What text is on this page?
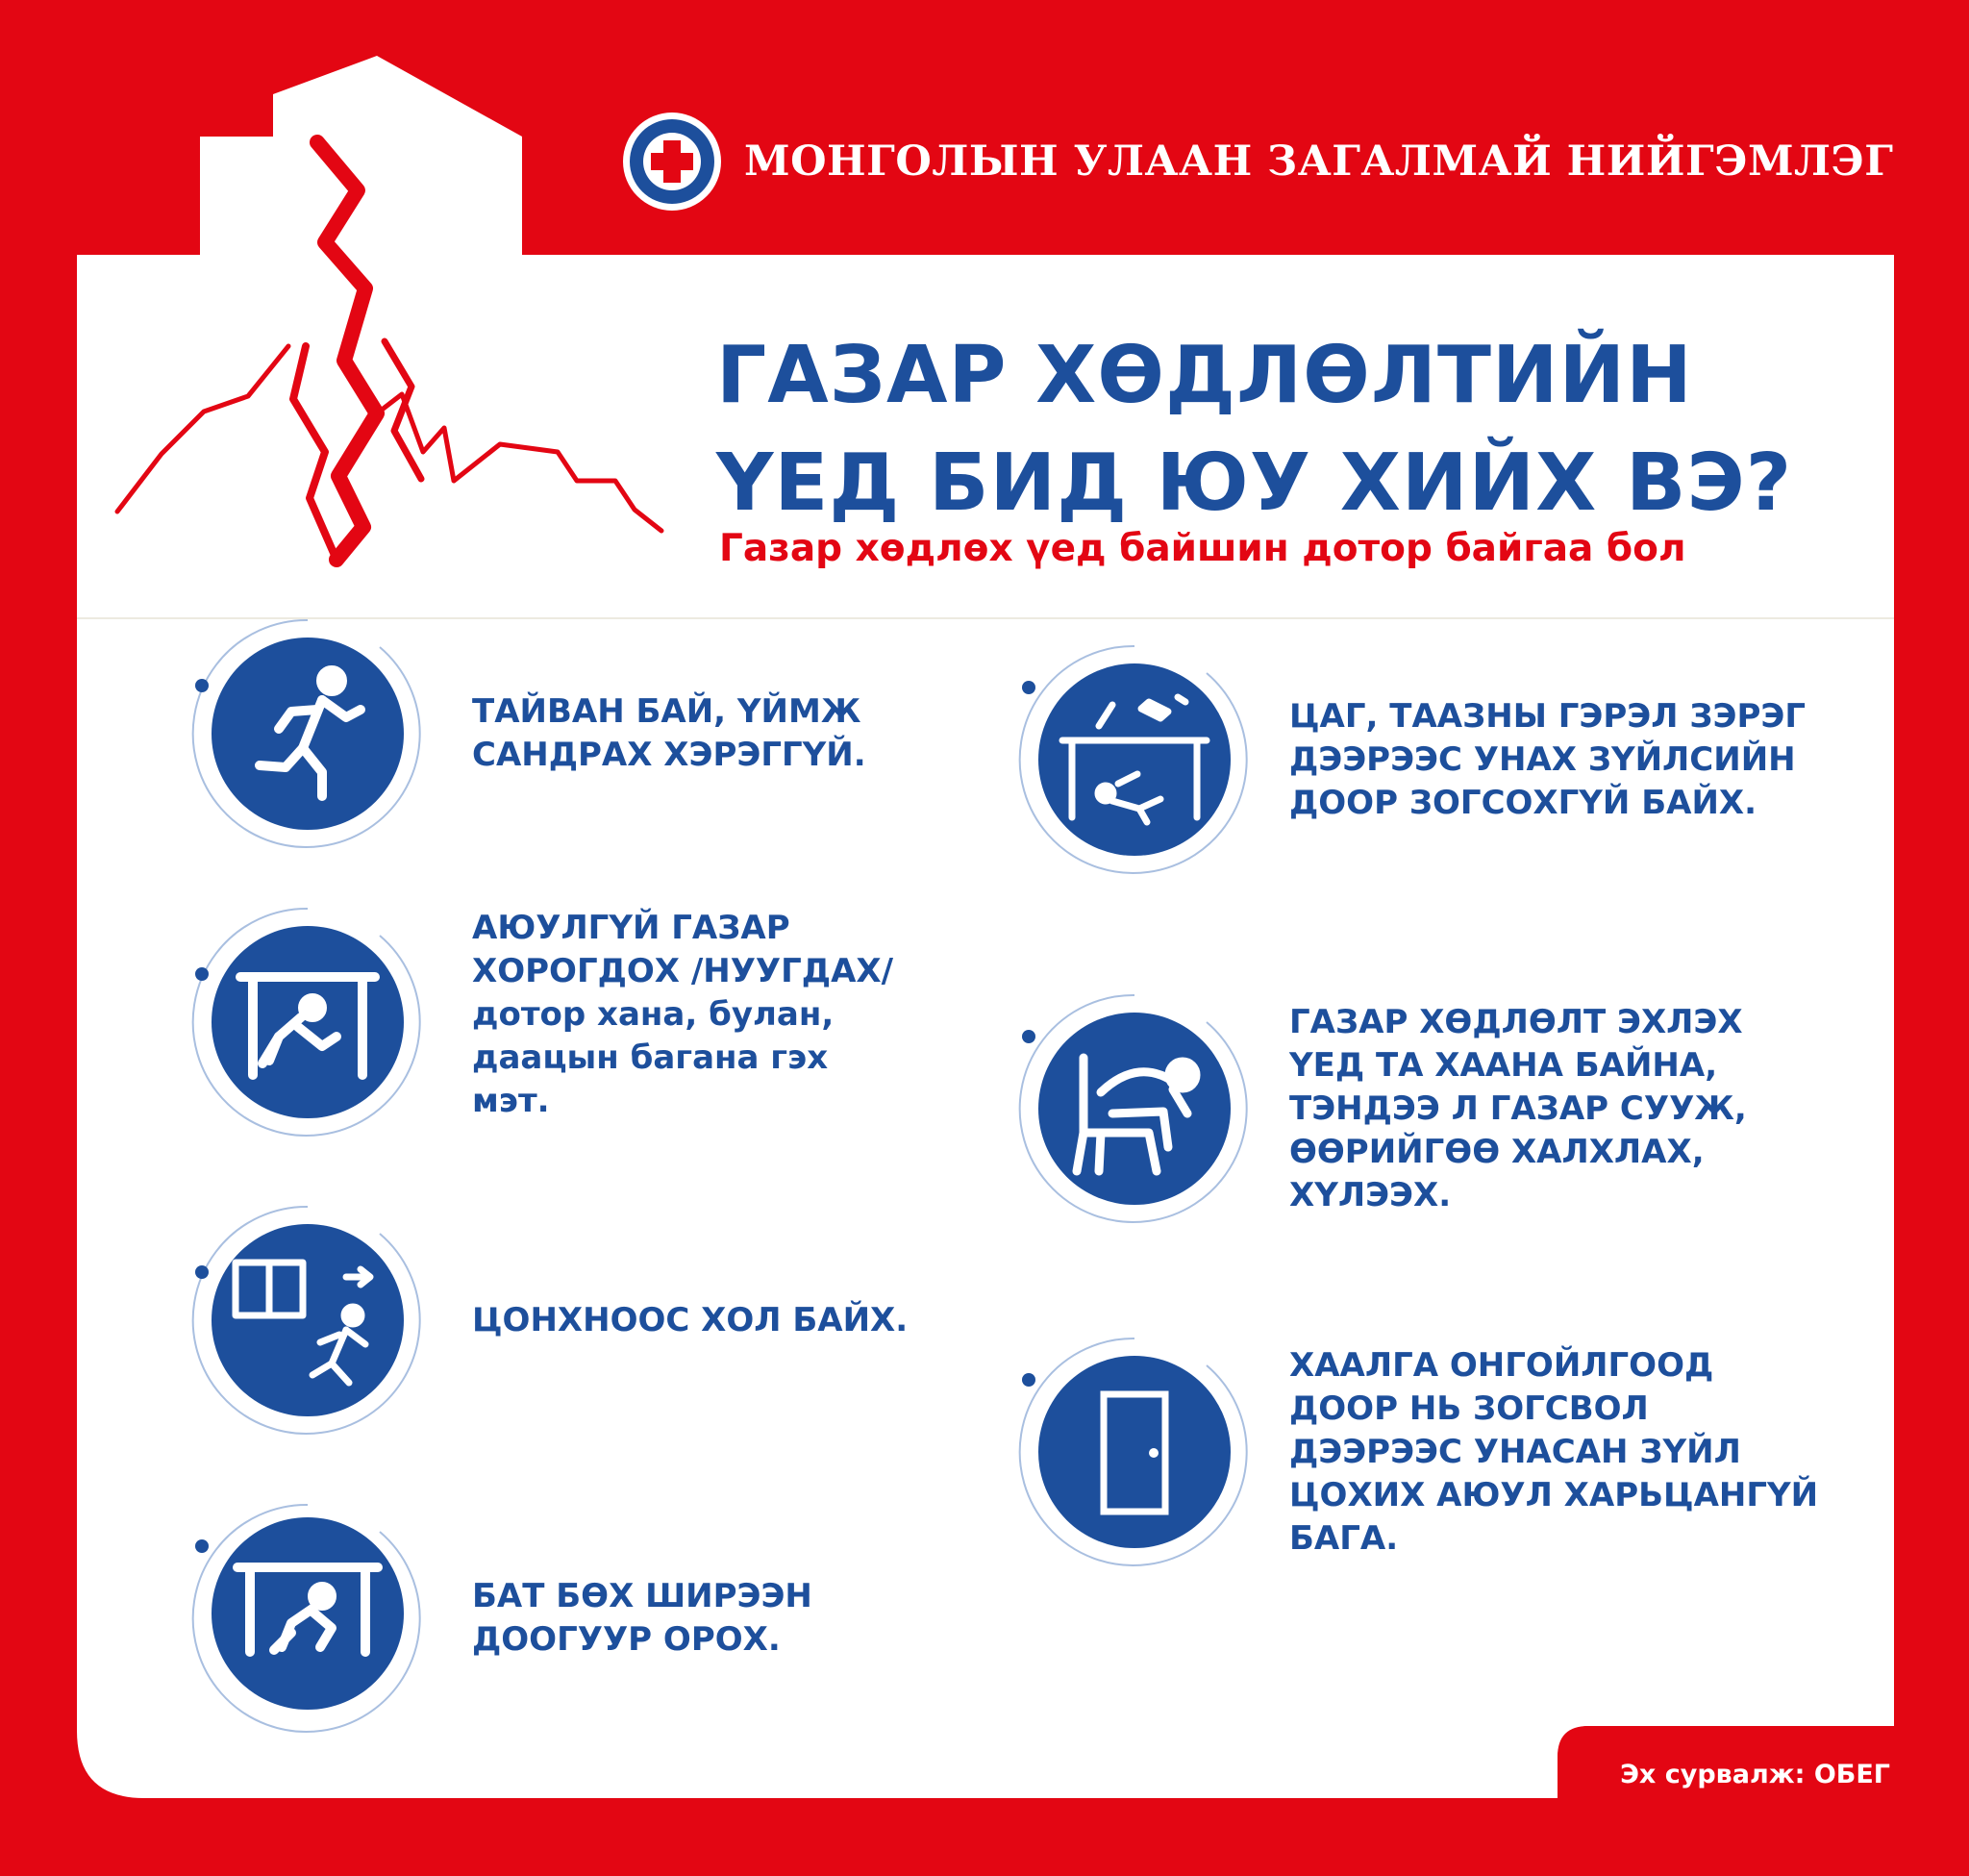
МОНГОЛЫН УЛААН ЗАГАЛМАЙ НИЙГЭМЛЭГ
ГАЗАР ХӨДЛӨЛТИЙН
ҮЕД БИД ЮУ ХИЙХ ВЭ?
Газар хөдлөх үед байшин дотор байгаа бол
ТАЙВАН БАЙ, ҮЙМЖ
САНДРАХ ХЭРЭГГҮЙ.
АЮУЛГҮЙ ГАЗАР
ХОРОГДОХ /НУУГДАХ/
дотор хана, булан,
даацын багана гэх
мэт.
ЦОНХНООС ХОЛ БАЙХ.
БАТ БӨХ ШИРЭЭН
ДООГУУР ОРОХ.
ЦАГ, ТААЗНЫ ГЭРЭЛ ЗЭРЭГ
ДЭЭРЭЭС УНАХ ЗҮЙЛСИЙН
ДООР ЗОГСОХГҮЙ БАЙХ.
ГАЗАР ХӨДЛӨЛТ ЭХЛЭХ
ҮЕД ТА ХААНА БАЙНА,
ТЭНДЭЭ Л ГАЗАР СУУЖ,
ӨӨРИЙГӨӨ ХАЛХЛАХ,
ХҮЛЭЭХ.
ХААЛГА ОНГОЙЛГООД
ДООР НЬ ЗОГСВОЛ
ДЭЭРЭЭС УНАСАН ЗҮЙЛ
ЦОХИХ АЮУЛ ХАРЬЦАНГҮЙ
БАГА.
Эх сурвалж: ОБЕГ
